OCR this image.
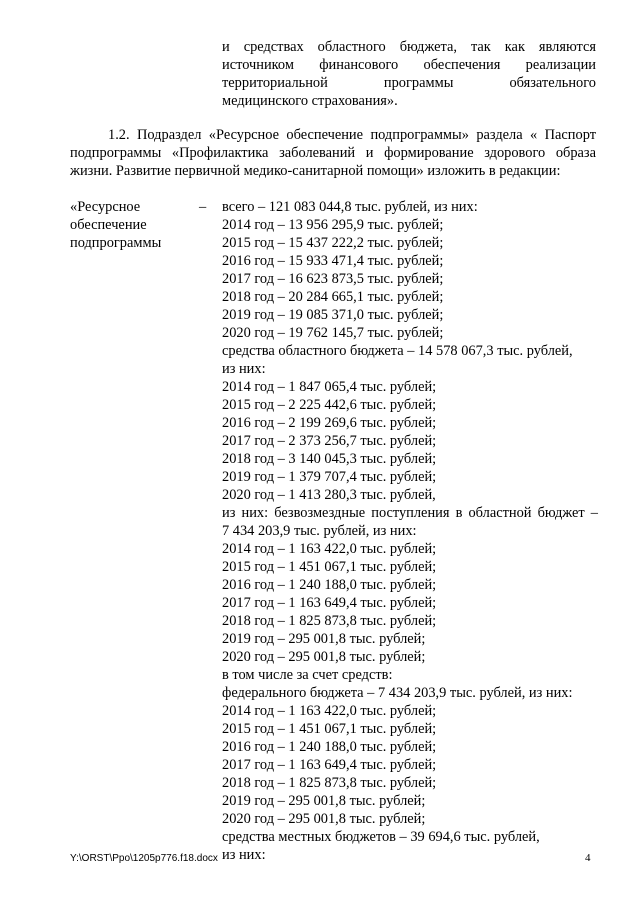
и средствах областного бюджета, так как являются
источником финансового обеспечения реализации
территориальной программы обязательного
медицинского страхования».
1.2. Подраздел «Ресурсное обеспечение подпрограммы» раздела « Паспорт
подпрограммы «Профилактика заболеваний и формирование здорового образа
жизни. Развитие первичной медико-санитарной помощи» изложить в редакции:
«Ресурсное
обеспечение
подпрограммы
– всего – 121 083 044,8 тыс. рублей, из них:
2014 год – 13 956 295,9 тыс. рублей;
2015 год – 15 437 222,2 тыс. рублей;
2016 год – 15 933 471,4 тыс. рублей;
2017 год – 16 623 873,5 тыс. рублей;
2018 год – 20 284 665,1 тыс. рублей;
2019 год – 19 085 371,0 тыс. рублей;
2020 год – 19 762 145,7 тыс. рублей;
средства областного бюджета – 14 578 067,3 тыс. рублей,
из них:
2014 год – 1 847 065,4 тыс. рублей;
2015 год – 2 225 442,6 тыс. рублей;
2016 год – 2 199 269,6 тыс. рублей;
2017 год – 2 373 256,7 тыс. рублей;
2018 год – 3 140 045,3 тыс. рублей;
2019 год – 1 379 707,4 тыс. рублей;
2020 год – 1 413 280,3 тыс. рублей,
из них: безвозмездные поступления в областной бюджет –
7 434 203,9 тыс. рублей, из них:
2014 год – 1 163 422,0 тыс. рублей;
2015 год – 1 451 067,1 тыс. рублей;
2016 год – 1 240 188,0 тыс. рублей;
2017 год – 1 163 649,4 тыс. рублей;
2018 год – 1 825 873,8 тыс. рублей;
2019 год – 295 001,8 тыс. рублей;
2020 год – 295 001,8 тыс. рублей;
в том числе за счет средств:
федерального бюджета – 7 434 203,9 тыс. рублей, из них:
2014 год – 1 163 422,0 тыс. рублей;
2015 год – 1 451 067,1 тыс. рублей;
2016 год – 1 240 188,0 тыс. рублей;
2017 год – 1 163 649,4 тыс. рублей;
2018 год – 1 825 873,8 тыс. рублей;
2019 год – 295 001,8 тыс. рублей;
2020 год – 295 001,8 тыс. рублей;
средства местных бюджетов – 39 694,6 тыс. рублей,
из них:
Y:\ORST\Ppo\1205p776.f18.docx	4
